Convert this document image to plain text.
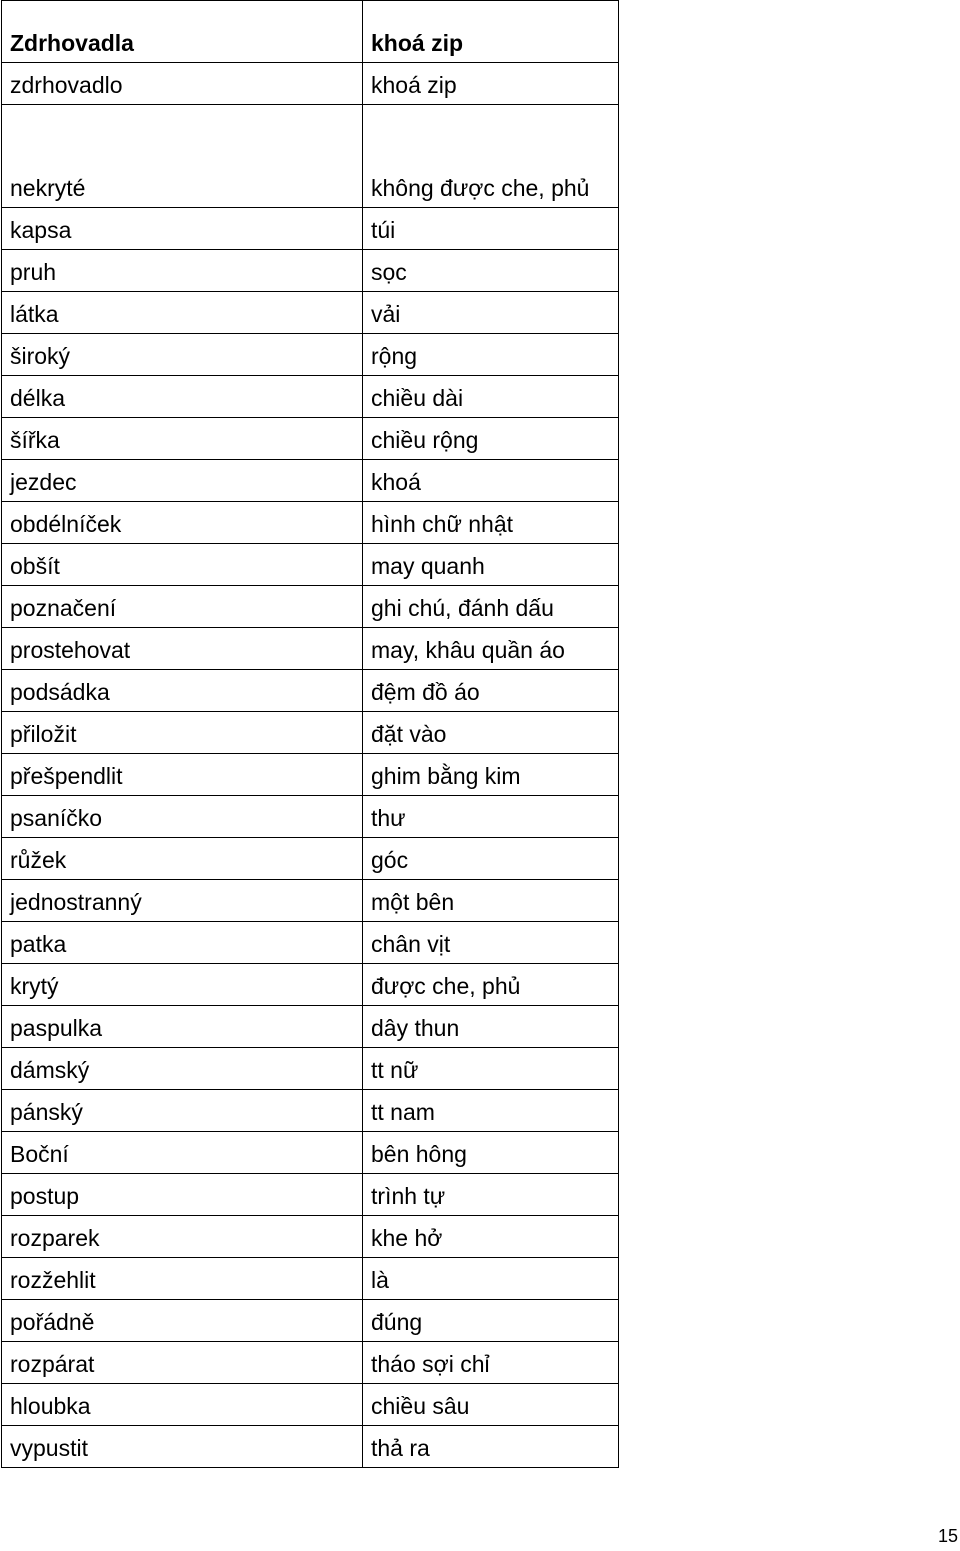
Zdrhovadla	khoá zip
zdrhovadlo	khoá zip
nekryté	không được che, phủ
kapsa	túi
pruh	sọc
látka	vải
široký	rộng
délka	chiều dài
šířka	chiều rộng
jezdec	khoá
obdélníček	hình chữ nhật
obšít	may quanh
poznačení	ghi chú, đánh dấu
prostehovat	may, khâu quần áo
podsádka	đệm đồ áo
přiložit	đặt vào
přešpendlit	ghim bằng kim
psaníčko	thư
růžek	góc
jednostranný	một bên
patka	chân vịt
krytý	được che, phủ
paspulka	dây thun
dámský	tt nữ
pánský	tt nam
Boční	bên hông
postup	trình tự
rozparek	khe hở
rozžehlit	là
pořádně	đúng
rozpárat	tháo sợi chỉ
hloubka	chiều sâu
vypustit	thả ra
15
